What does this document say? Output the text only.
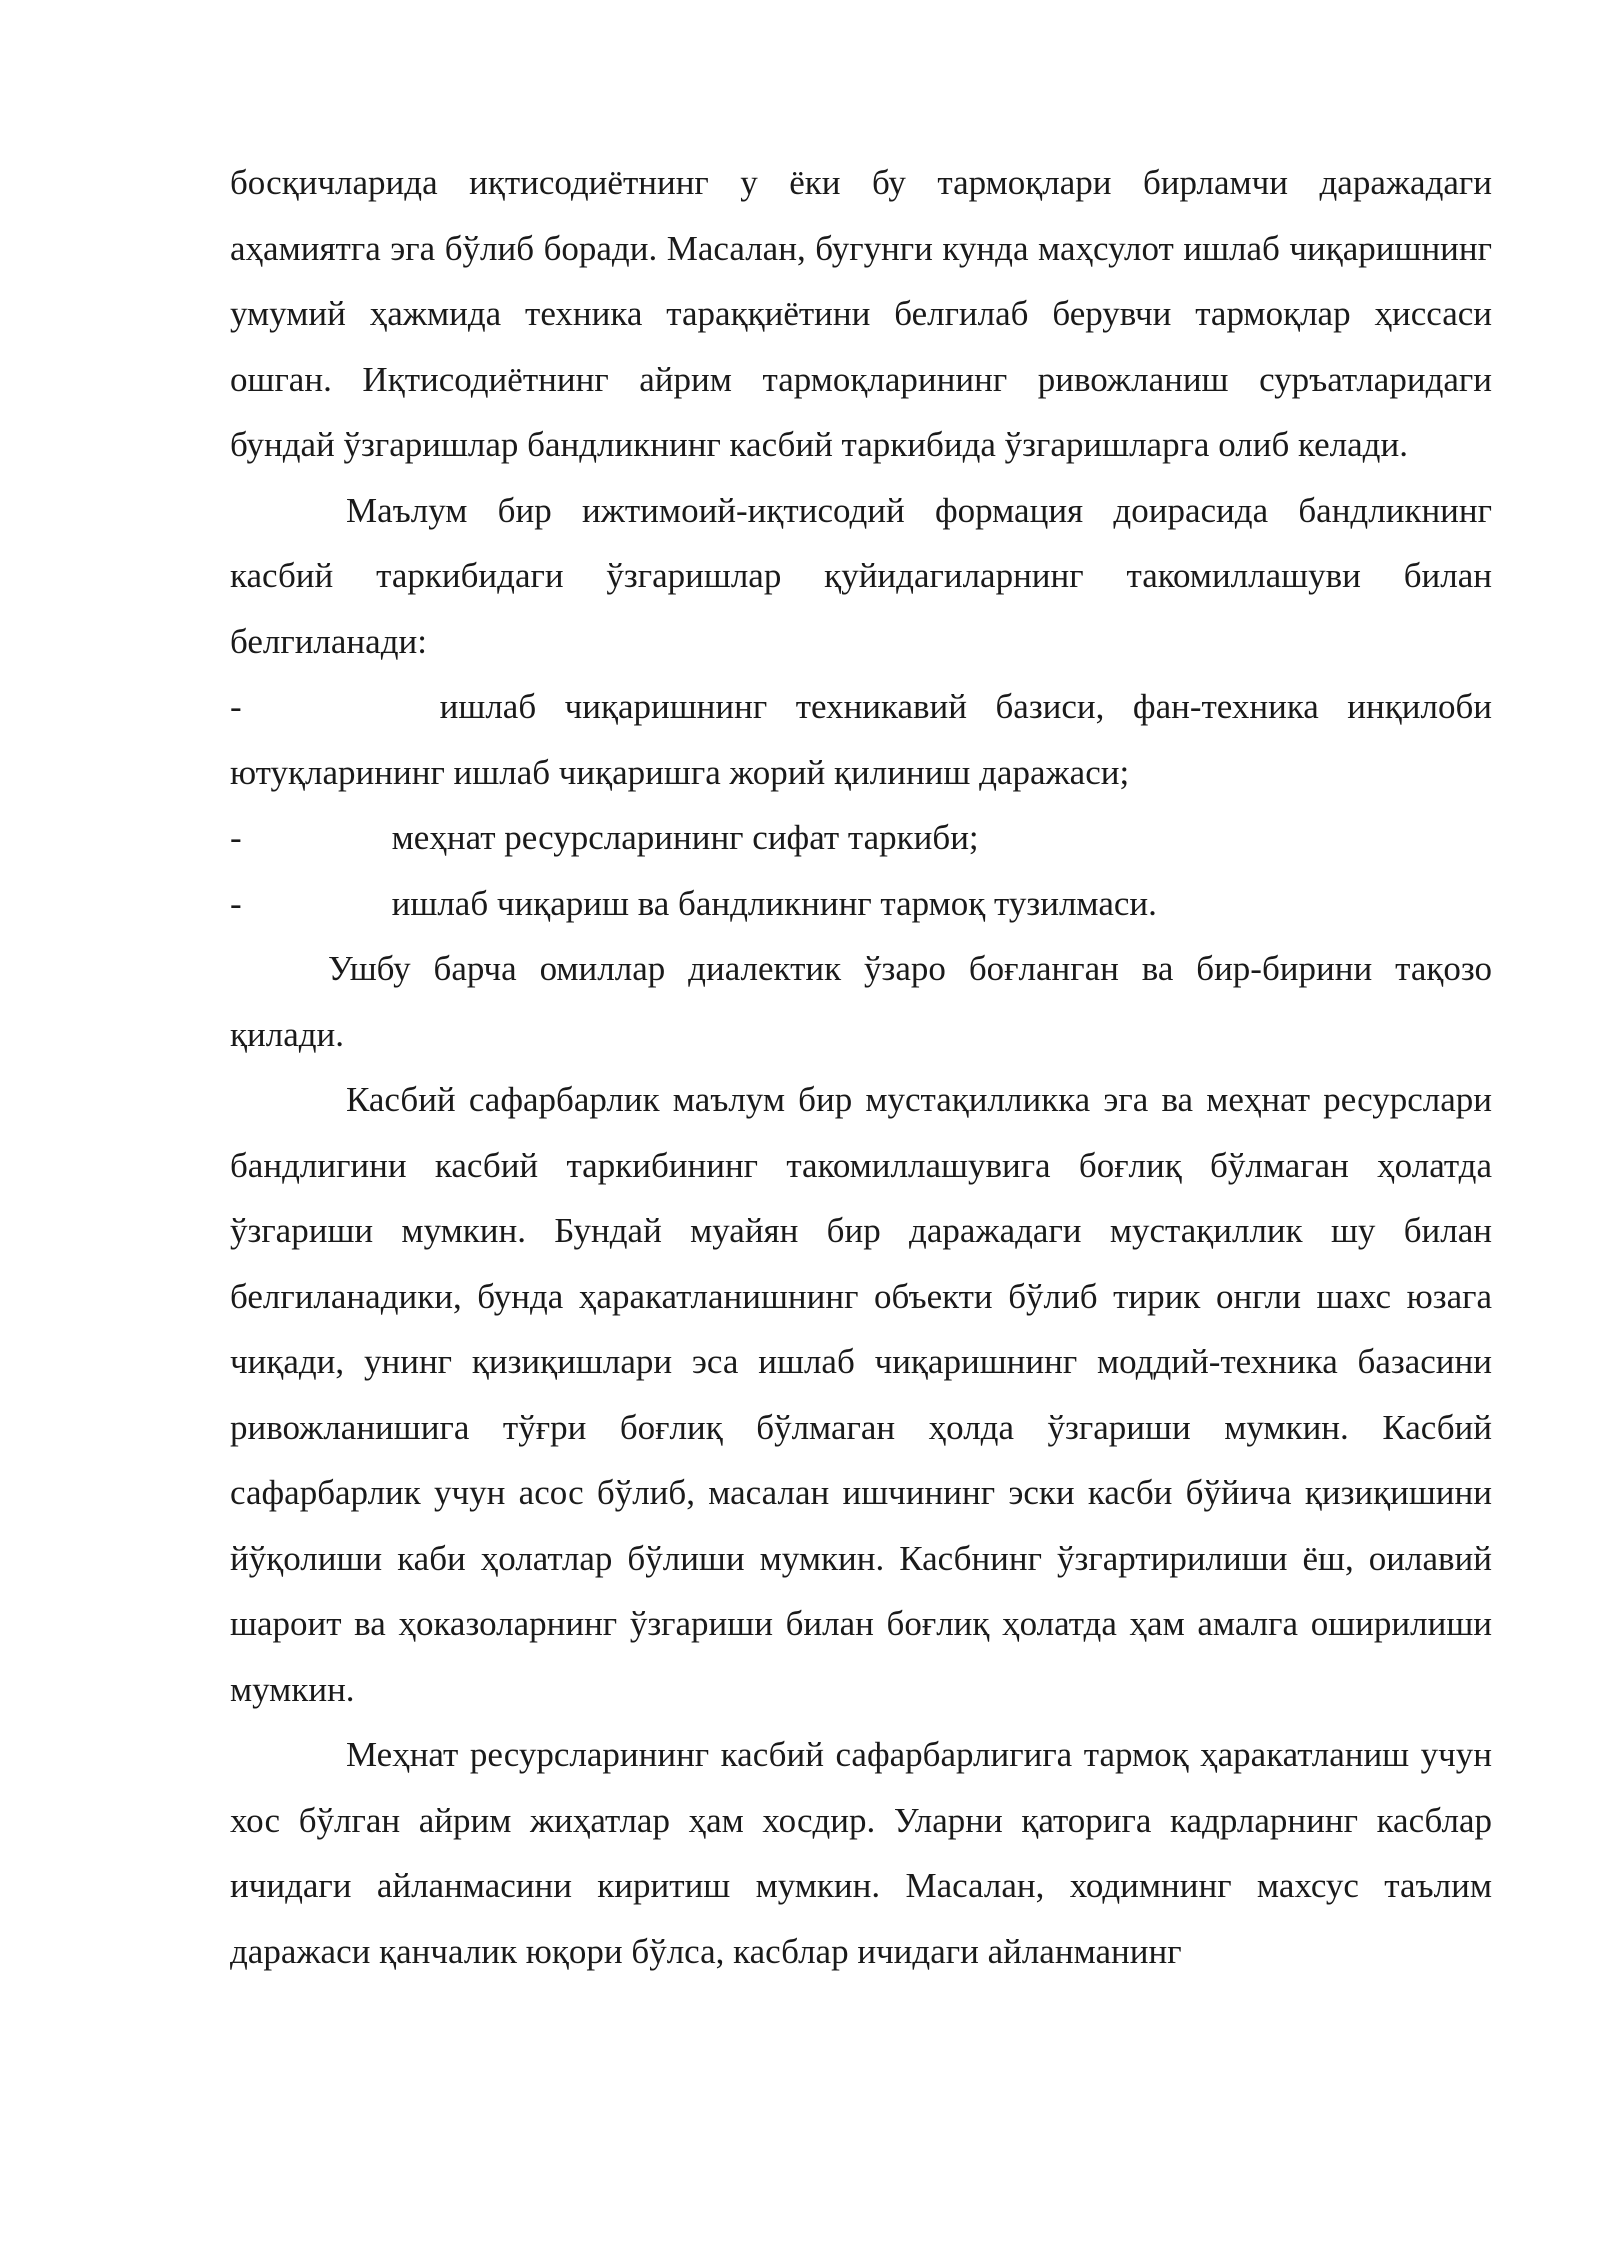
босқичларида иқтисодиётнинг у ёки бу тармоқлари бирламчи даражадаги аҳамиятга эга бўлиб боради. Масалан, бугунги кунда маҳсулот ишлаб чиқаришнинг умумий ҳажмида техника тараққиётини белгилаб берувчи тармоқлар ҳиссаси ошган. Иқтисодиётнинг айрим тармоқларининг ривожланиш суръатларидаги бундай ўзгаришлар бандликнинг касбий таркибида ўзгаришларга олиб келади.

Маълум бир ижтимоий-иқтисодий формация доирасида бандликнинг касбий таркибидаги ўзгаришлар қуйидагиларнинг такомиллашуви билан белгиланади:

-	ишлаб чиқаришнинг техникавий базиси, фан-техника инқилоби ютуқларининг ишлаб чиқаришга жорий қилиниш даражаси;

-	меҳнат ресурсларининг сифат таркиби;

-	ишлаб чиқариш ва бандликнинг тармоқ тузилмаси.

Ушбу барча омиллар диалектик ўзаро боғланган ва бир-бирини тақозо қилади.

Касбий сафарбарлик маълум бир мустақилликка эга ва меҳнат ресурслари бандлигини касбий таркибининг такомиллашувига боғлиқ бўлмаган ҳолатда ўзгариши мумкин. Бундай муайян бир даражадаги мустақиллик шу билан белгиланадики, бунда ҳаракатланишнинг объекти бўлиб тирик онгли шахс юзага чиқади, унинг қизиқишлари эса ишлаб чиқаришнинг моддий-техника базасини ривожланишига тўғри боғлиқ бўлмаган ҳолда ўзгариши мумкин. Касбий сафарбарлик учун асос бўлиб, масалан ишчининг эски касби бўйича қизиқишини йўқолиши каби ҳолатлар бўлиши мумкин. Касбнинг ўзгартирилиши ёш, оилавий шароит ва ҳоказоларнинг ўзгариши билан боғлиқ ҳолатда ҳам амалга оширилиши мумкин.

Меҳнат ресурсларининг касбий сафарбарлигига тармоқ ҳаракатланиш учун хос бўлган айрим жиҳатлар ҳам хосдир. Уларни қаторига кадрларнинг касблар ичидаги айланмасини киритиш мумкин. Масалан, ходимнинг махсус таълим даражаси қанчалик юқори бўлса, касблар ичидаги айланманинг
